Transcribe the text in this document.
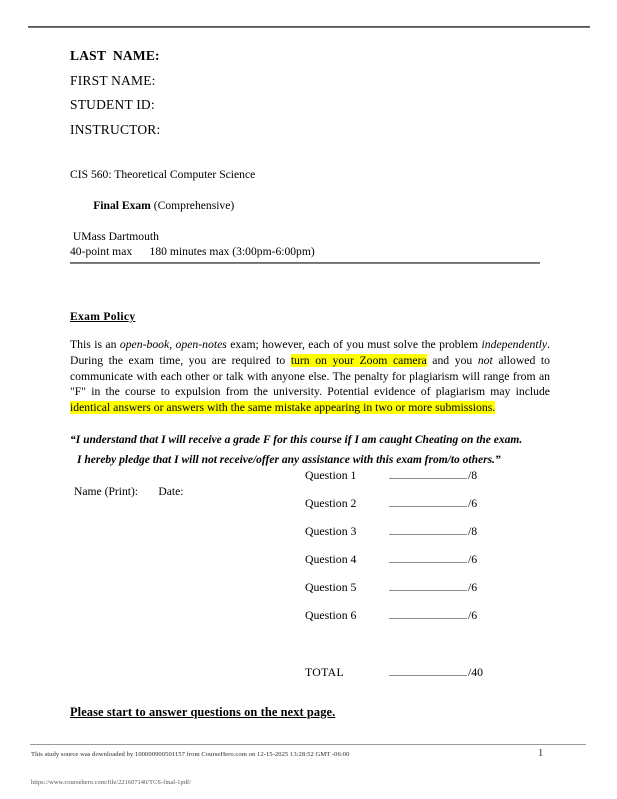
LAST  NAME:
FIRST NAME:
STUDENT ID:
INSTRUCTOR:
CIS 560: Theoretical Computer Science

Final Exam (Comprehensive)

UMass Dartmouth
40-point max      180 minutes max (3:00pm-6:00pm)
Exam Policy
This is an open-book, open-notes exam; however, each of you must solve the problem independently. During the exam time, you are required to turn on your Zoom camera and you not allowed to communicate with each other or talk with anyone else. The penalty for plagiarism will range from an "F" in the course to expulsion from the university. Potential evidence of plagiarism may include identical answers or answers with the same mistake appearing in two or more submissions.
“I understand that I will receive a grade F for this course if I am caught Cheating on the exam.
I hereby pledge that I will not receive/offer any assistance with this exam from/to others.”
Name (Print):       Date:
Question 1	/8
Question 2	/6
Question 3	/8
Question 4	/6
Question 5	/6
Question 6	/6
TOTAL	/40
Please start to answer questions on the next page.
This study source was downloaded by 100000900501157 from CourseHero.com on 12-15-2025 13:28:52 GMT -06:00	1
https://www.coursehero.com/file/221607140/TCS-final-1pdf/
